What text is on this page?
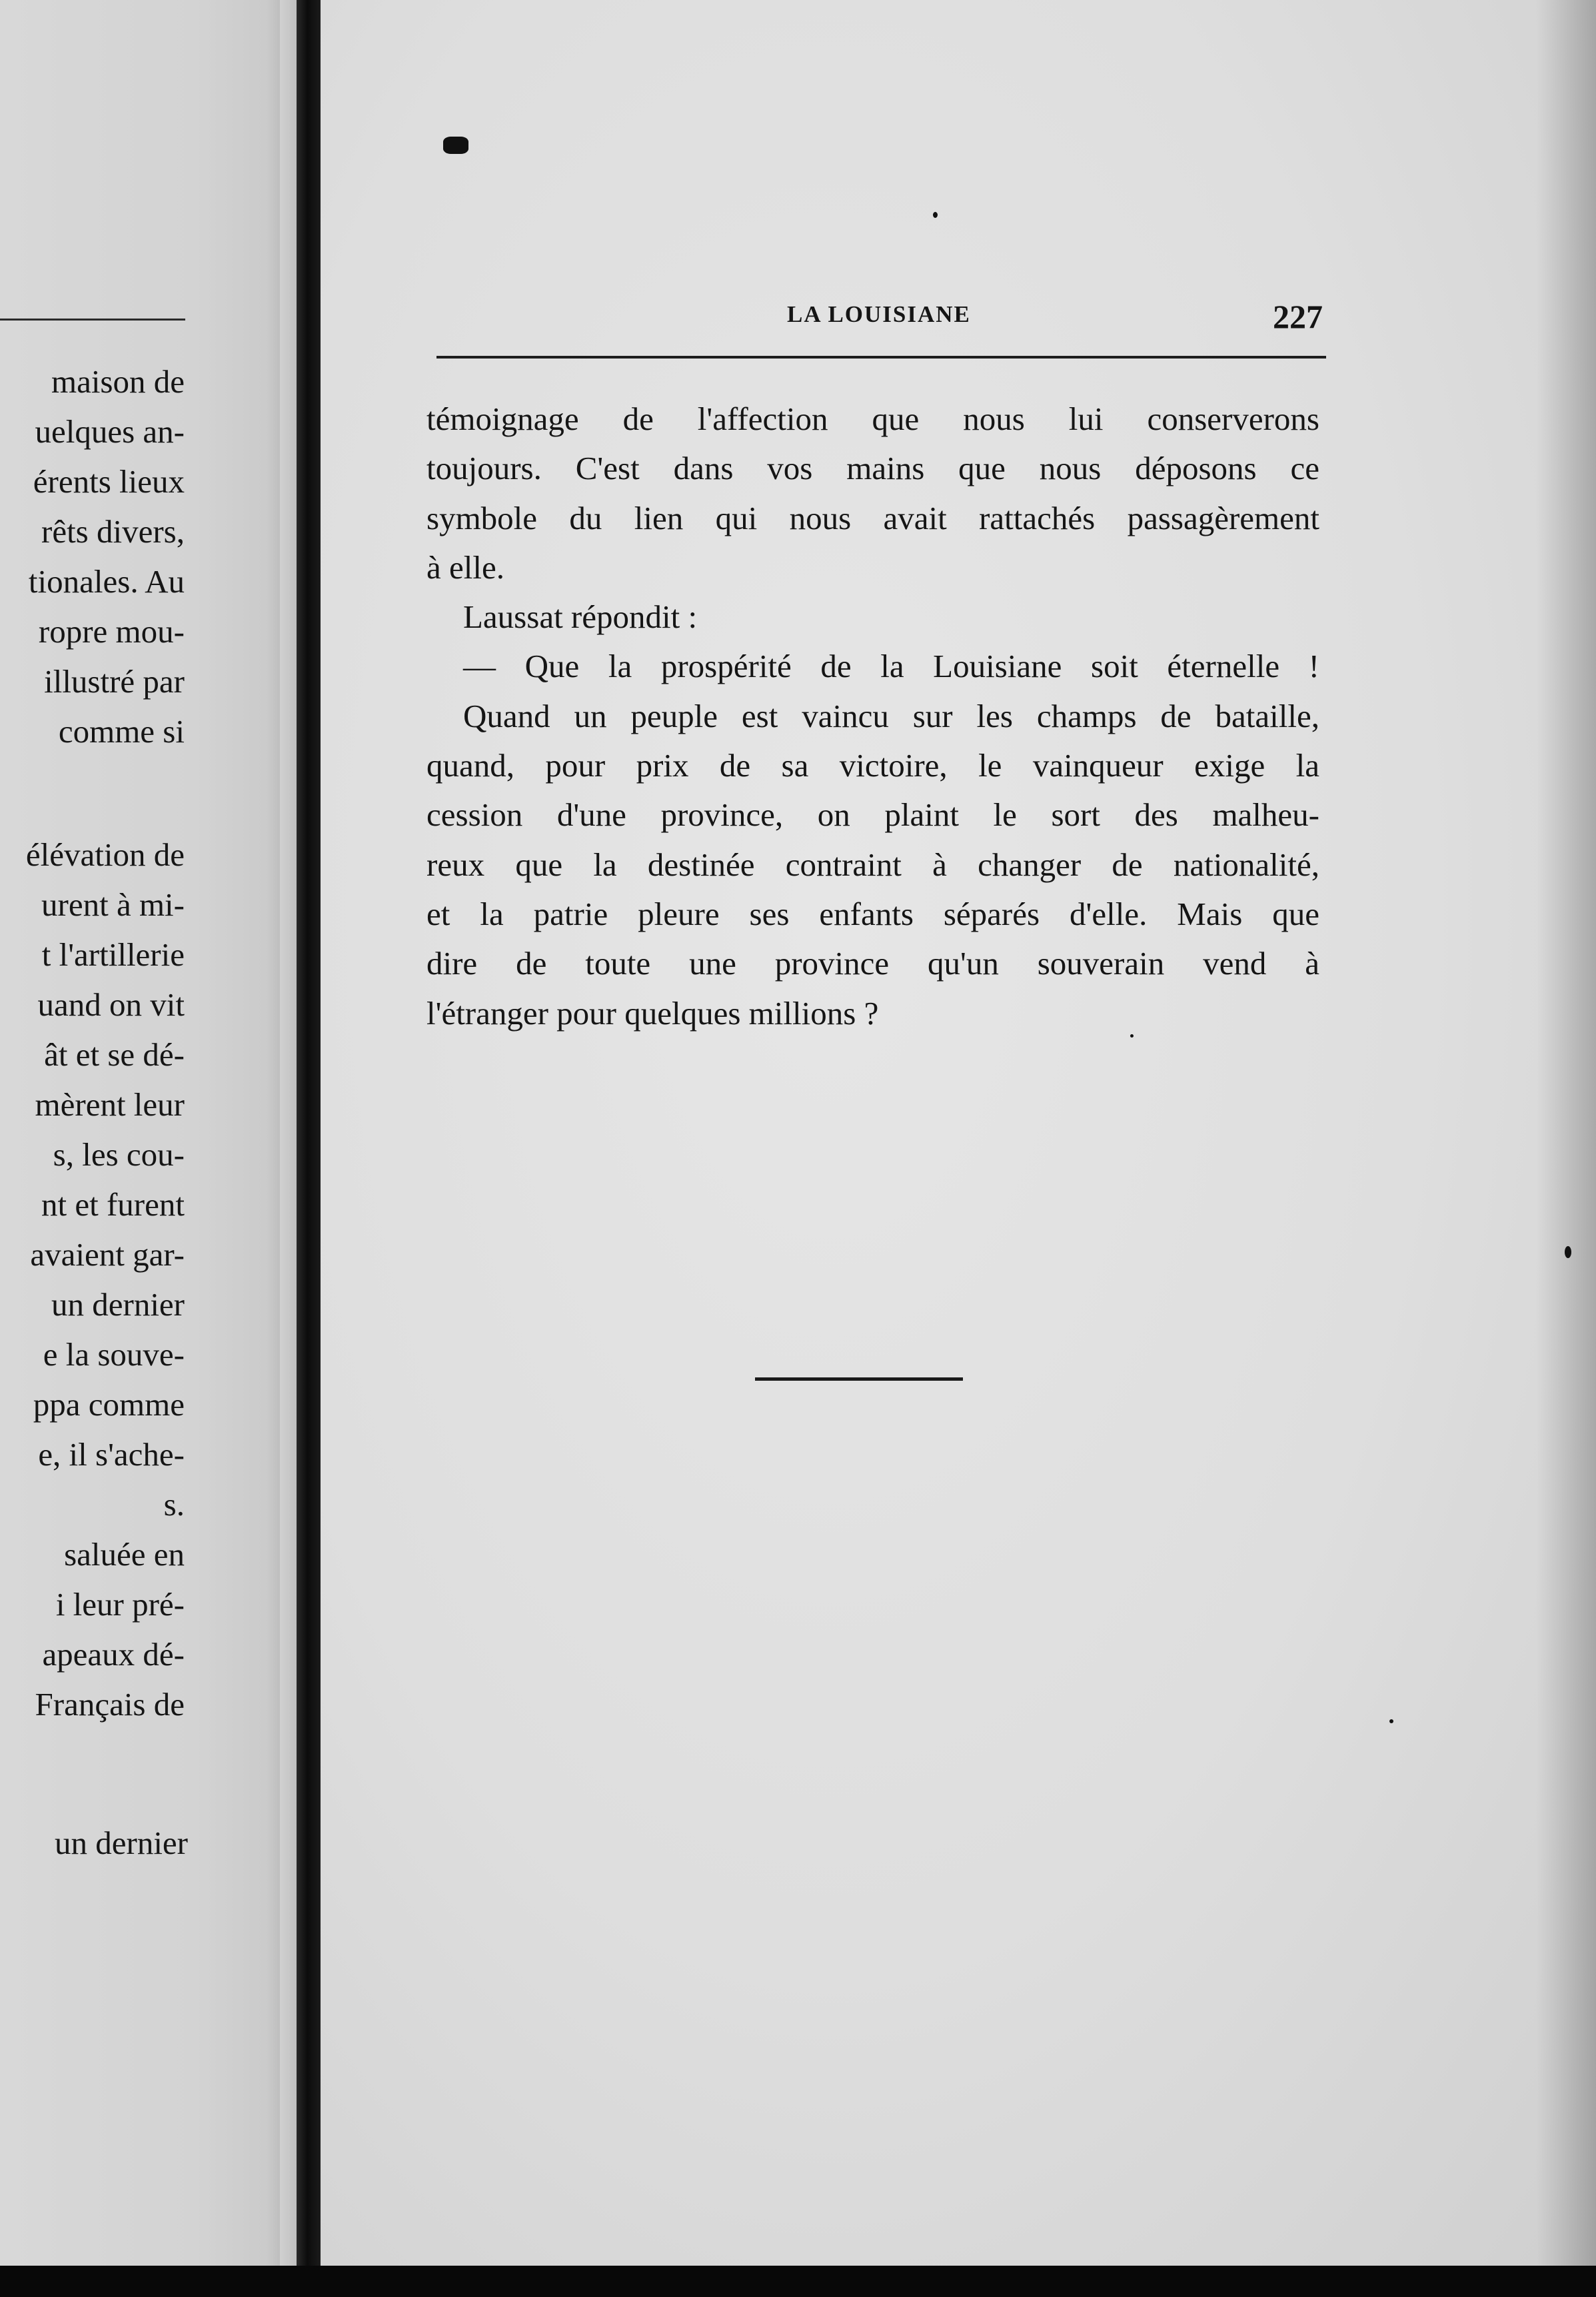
maison de
uelques an-
érents lieux
rêts divers,
tionales. Au
ropre mou-
illustré par
comme si
élévation de
urent à mi-
t l'artillerie
uand on vit
ât et se dé-
mèrent leur
s, les cou-
nt et furent
avaient gar-
un dernier
e la souve-
ppa comme
e, il s'ache-
s.
saluée en
i leur pré-
apeaux dé-
Français de
un dernier
LA LOUISIANE	227
témoignage de l'affection que nous lui conserverons
toujours. C'est dans vos mains que nous déposons ce
symbole du lien qui nous avait rattachés passagèrement
à elle.
Laussat répondit :
— Que la prospérité de la Louisiane soit éternelle !
Quand un peuple est vaincu sur les champs de bataille,
quand, pour prix de sa victoire, le vainqueur exige la
cession d'une province, on plaint le sort des malheu-
reux que la destinée contraint à changer de nationalité,
et la patrie pleure ses enfants séparés d'elle. Mais que
dire de toute une province qu'un souverain vend à
l'étranger pour quelques millions ?
